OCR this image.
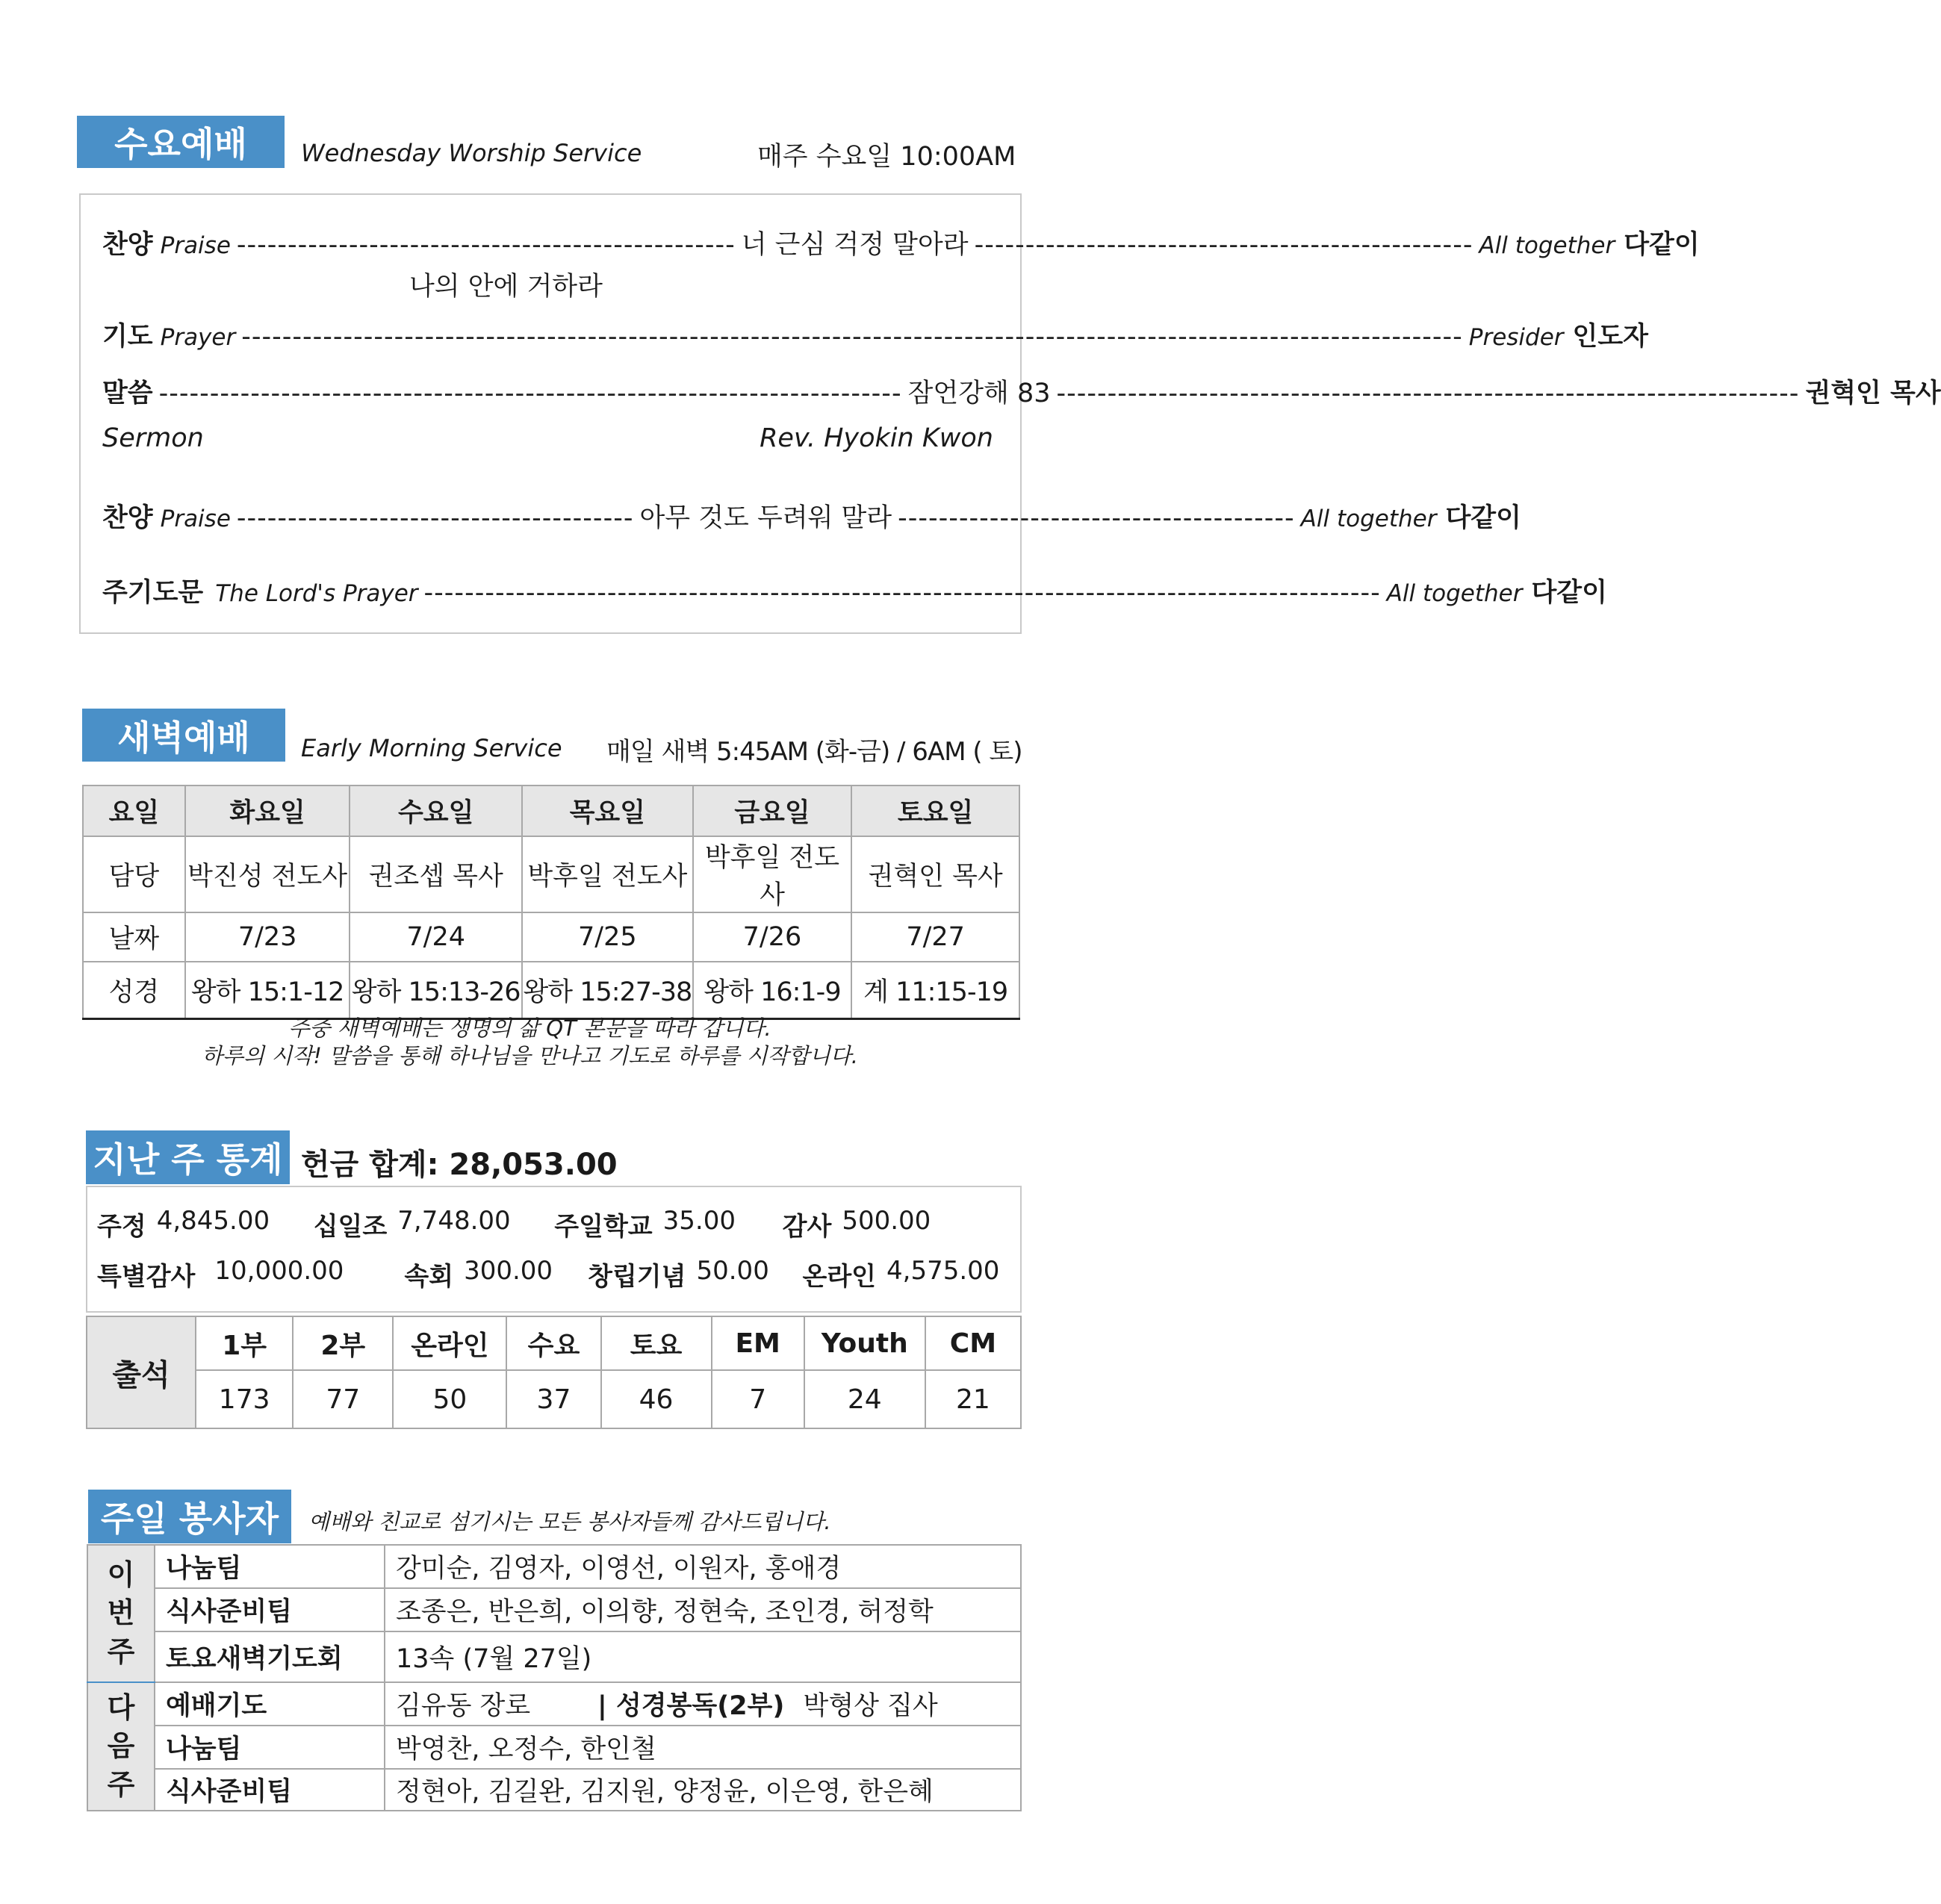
수요예배	Wednesday Worship Service	매주 수요일 10:00AM
찬양 Praise ------------------------------------------------- 너 근심 걱정 말아라 ------------------------------------------------- All together 다같이
나의 안에 거하라
기도 Prayer ------------------------------------------------------------------------------------------------------------------------ Presider 인도자
말씀 ------------------------------------------------------------------------- 잠언강해 83 ------------------------------------------------------------------------- 권혁인 목사
Sermon	Rev. Hyokin Kwon
찬양 Praise --------------------------------------- 아무 것도 두려워 말라 --------------------------------------- All together 다같이
주기도문 The Lord's Prayer ---------------------------------------------------------------------------------------------- All together 다같이
새벽예배	Early Morning Service 매일 새벽 5:45AM (화-금) / 6AM ( 토)
요일	화요일	수요일	목요일	금요일	토요일
담당	박진성 전도사	권조셉 목사	박후일 전도사	박후일 전도사	권혁인 목사
날짜	7/23	7/24	7/25	7/26	7/27
성경	왕하 15:1-12	왕하 15:13-26	왕하 15:27-38	왕하 16:1-9	계 11:15-19
주중 새벽예배는 생명의 삶 QT 본문을 따라 갑니다.
하루의 시작! 말씀을 통해 하나님을 만나고 기도로 하루를 시작합니다.
지난 주 통계 헌금 합계: 28,053.00
주정 4,845.00	십일조 7,748.00	주일학교 35.00	감사 500.00
특별감사 10,000.00	속회 300.00	창립기념 50.00	온라인 4,575.00
출석	1부	2부	온라인	수요	토요	EM	Youth	CM
	173	77	50	37	46	7	24	21
주일 봉사자	예배와 친교로 섬기시는 모든 봉사자들께 감사드립니다.
이
번
주	나눔팀	강미순, 김영자, 이영선, 이원자, 홍애경
	식사준비팀	조종은, 반은희, 이의향, 정현숙, 조인경, 허정학
	토요새벽기도회	13속 (7월 27일)

다
음
주	예배기도	김유동 장로 | 성경봉독(2부) 박형상 집사
	나눔팀	박영찬, 오정수, 한인철
	식사준비팀	정현아, 김길완, 김지원, 양정윤, 이은영, 한은혜
